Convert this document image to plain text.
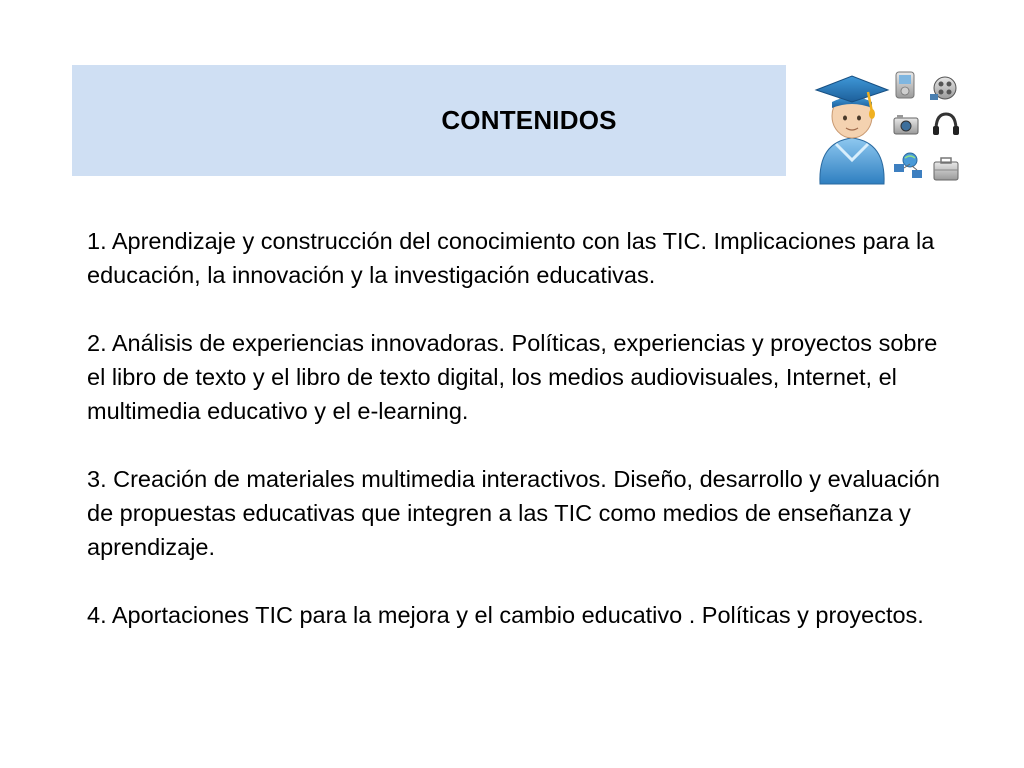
CONTENIDOS

1. Aprendizaje y construcción del conocimiento con las TIC. Implicaciones para la educación, la innovación y la investigación educativas.

2. Análisis de experiencias innovadoras. Políticas, experiencias y proyectos sobre el libro de texto y el libro de texto digital, los medios audiovisuales, Internet, el multimedia educativo y el e-learning.

3. Creación de materiales multimedia interactivos. Diseño, desarrollo y evaluación de propuestas educativas que integren a las TIC como medios de enseñanza y aprendizaje.

4. Aportaciones TIC para la mejora y el cambio educativo . Políticas y proyectos.
